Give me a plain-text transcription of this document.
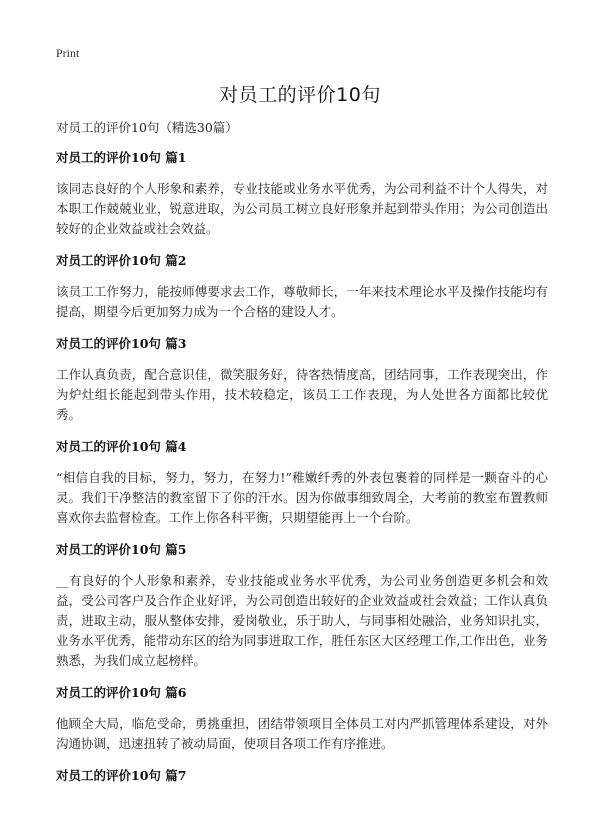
Print
对员工的评价10句

对员工的评价10句（精选30篇）

对员工的评价10句 篇1

该同志良好的个人形象和素养，专业技能或业务水平优秀，为公司利益不计个人得失，对本职工作兢兢业业，锐意进取，为公司员工树立良好形象并起到带头作用；为公司创造出较好的企业效益或社会效益。

对员工的评价10句 篇2

该员工工作努力，能按师傅要求去工作，尊敬师长，一年来技术理论水平及操作技能均有提高，期望今后更加努力成为一个合格的建设人才。

对员工的评价10句 篇3

工作认真负责，配合意识佳，微笑服务好，待客热情度高，团结同事，工作表现突出，作为炉灶组长能起到带头作用，技术较稳定，该员工工作表现，为人处世各方面都比较优秀。

对员工的评价10句 篇4

“相信自我的目标，努力，努力，在努力!”稚嫩纤秀的外表包裹着的同样是一颗奋斗的心灵。我们干净整洁的教室留下了你的汗水。因为你做事细致周全，大考前的教室布置教师喜欢你去监督检查。工作上你各科平衡，只期望能再上一个台阶。

对员工的评价10句 篇5

__有良好的个人形象和素养，专业技能或业务水平优秀，为公司业务创造更多机会和效益，受公司客户及合作企业好评，为公司创造出较好的企业效益或社会效益；工作认真负责，进取主动，服从整体安排，爱岗敬业，乐于助人，与同事相处融洽，业务知识扎实，业务水平优秀，能带动东区的给为同事进取工作，胜任东区大区经理工作,工作出色，业务熟悉，为我们成立起榜样。

对员工的评价10句 篇6

他顾全大局，临危受命，勇挑重担，团结带领项目全体员工对内严抓管理体系建设，对外沟通协调，迅速扭转了被动局面，使项目各项工作有序推进。

对员工的评价10句 篇7
